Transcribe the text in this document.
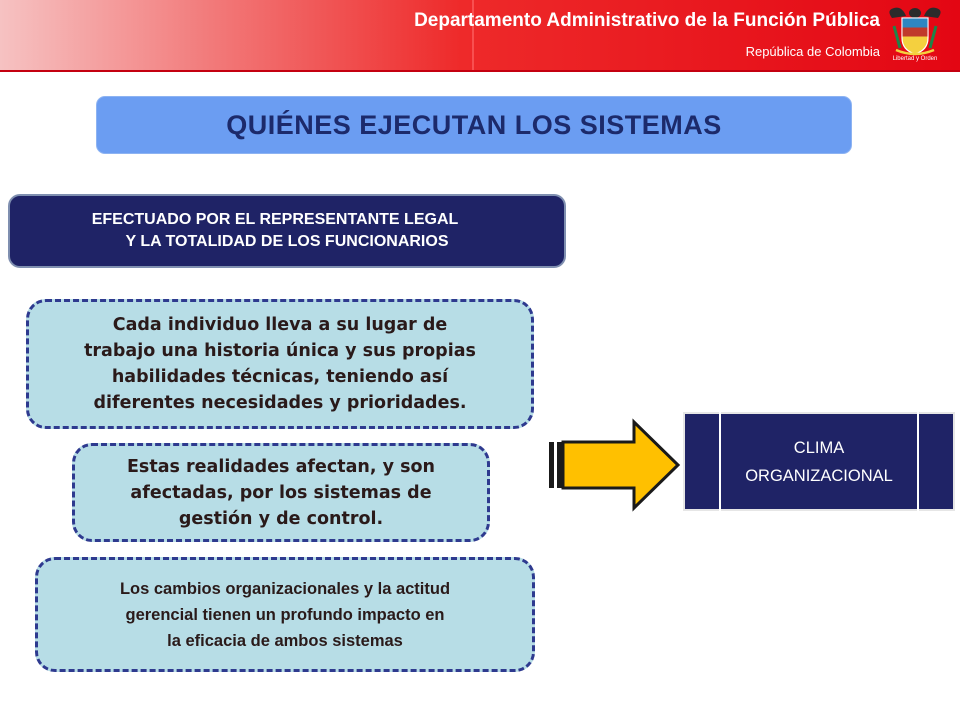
Departamento Administrativo de la Función Pública
República de Colombia	Libertad y Orden
QUIÉNES EJECUTAN LOS SISTEMAS
EFECTUADO POR EL REPRESENTANTE LEGAL
Y LA TOTALIDAD DE LOS FUNCIONARIOS
Cada individuo lleva a su lugar de
trabajo una historia única y sus propias
habilidades técnicas, teniendo así
diferentes necesidades y prioridades.
Estas realidades afectan, y son
afectadas, por los sistemas de
gestión y de control.
Los cambios organizacionales y la actitud
gerencial tienen un profundo impacto en
la eficacia de ambos sistemas
CLIMA
ORGANIZACIONAL
